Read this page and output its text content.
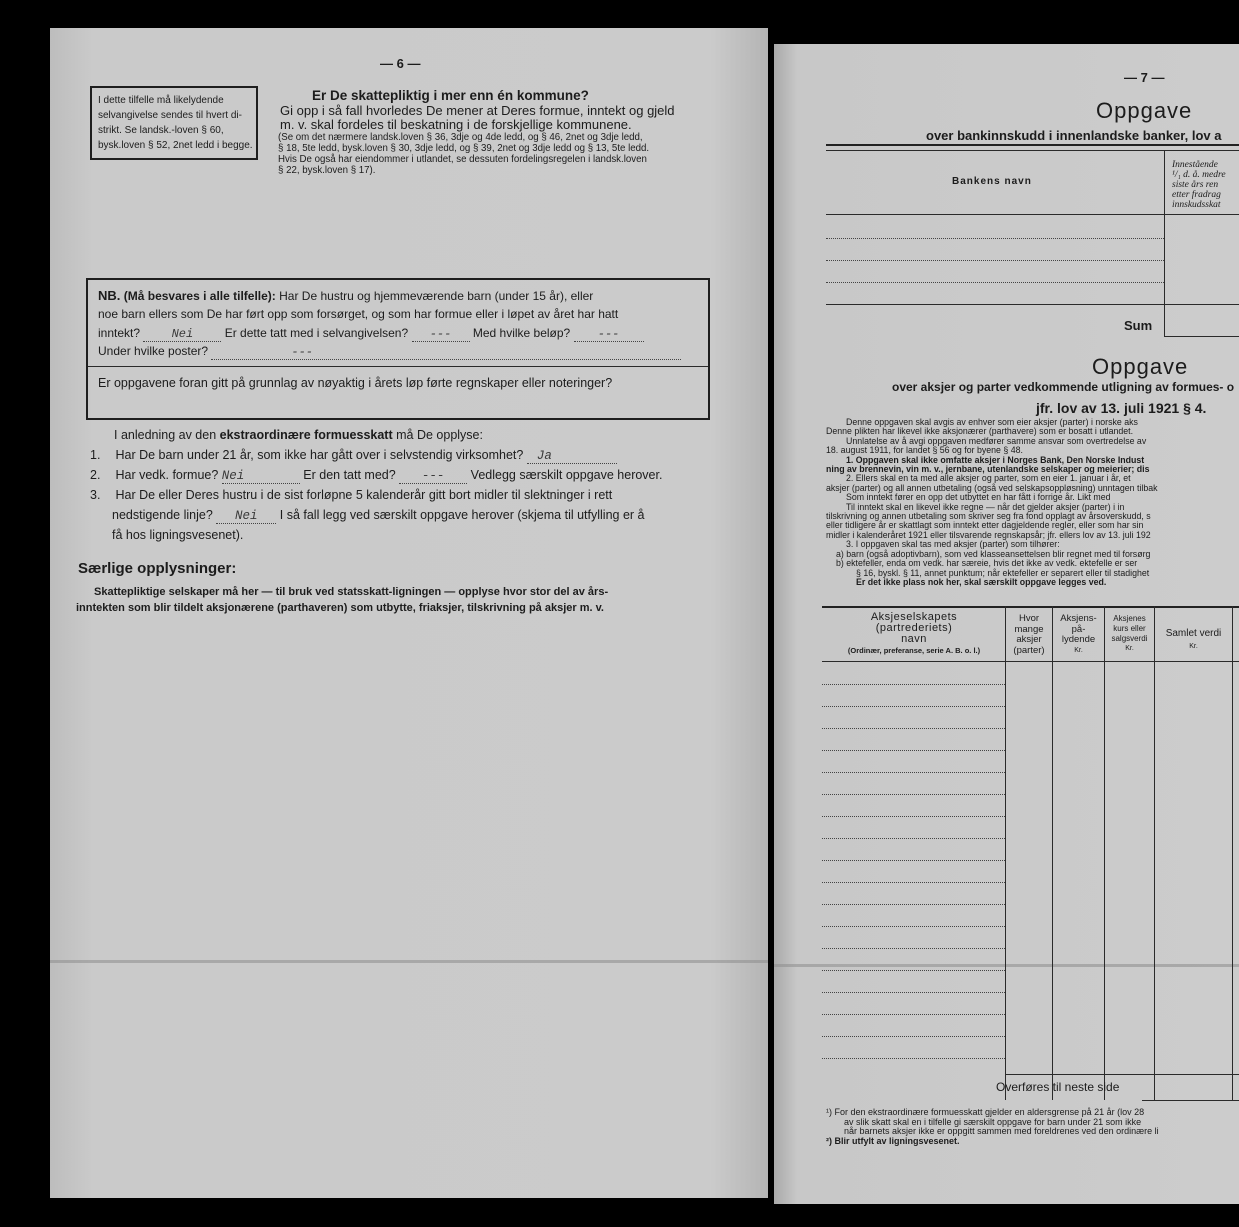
— 6 —
I dette tilfelle må likelydende
selvangivelse sendes til hvert di-
strikt. Se landsk.-loven § 60,
bysk.loven § 52, 2net ledd i begge.
Er De skattepliktig i mer enn én kommune?
Gi opp i så fall hvorledes De mener at Deres formue, inntekt og gjeld
m. v. skal fordeles til beskatning i de forskjellige kommunene.
(Se om det nærmere landsk.loven § 36, 3dje og 4de ledd, og § 46, 2net og 3dje ledd,
§ 18, 5te ledd, bysk.loven § 30, 3dje ledd, og § 39, 2net og 3dje ledd og § 13, 5te ledd.
Hvis De også har eiendommer i utlandet, se dessuten fordelingsregelen i landsk.loven
§ 22, bysk.loven § 17).
NB. (Må besvares i alle tilfelle): Har De hustru og hjemmeværende barn (under 15 år), eller
noe barn ellers som De har ført opp som forsørget, og som har formue eller i løpet av året har hatt
inntekt?	Nei	Er dette tatt med i selvangivelsen? --- Med hvilke beløp? ---
Under hvilke poster?	---
Er oppgavene foran gitt på grunnlag av nøyaktig i årets løp førte regnskaper eller noteringer?
I anledning av den ekstraordinære formuesskatt må De opplyse:
1. Har De barn under 21 år, som ikke har gått over i selvstendig virksomhet? Ja
2. Har vedk. formue? Nei	Er den tatt med? --- Vedlegg særskilt oppgave herover.
3. Har De eller Deres hustru i de sist forløpne 5 kalenderår gitt bort midler til slektninger i rett
nedstigende linje? Nei I så fall legg ved særskilt oppgave herover (skjema til utfylling er å
få hos ligningsvesenet).
Særlige opplysninger:
Skattepliktige selskaper må her — til bruk ved statsskatt-ligningen — opplyse hvor stor del av års-
inntekten som blir tildelt aksjonærene (parthaveren) som utbytte, friaksjer, tilskrivning på aksjer m. v.
— 7 —
Oppgave
over bankinnskudd i innenlandske banker, lov a
Bankens navn
Innestående
¹/₁ d. å. medre
siste års ren
etter fradrag
innskudsskat
Sum
Oppgave
over aksjer og parter vedkommende utligning av formues- o
jfr. lov av 13. juli 1921 § 4.
Denne oppgaven skal avgis av enhver som eier aksjer (parter) i norske aks
Denne plikten har likevel ikke aksjonærer (parthavere) som er bosatt i utlandet.
Unnlatelse av å avgi oppgaven medfører samme ansvar som overtredelse av
18. august 1911, for landet § 56 og for byene § 48.
1. Oppgaven skal ikke omfatte aksjer i Norges Bank, Den Norske Indust
ning av brennevin, vin m. v., jernbane, utenlandske selskaper og meierier; dis
2. Ellers skal en ta med alle aksjer og parter, som en eier 1. januar i år, et
aksjer (parter) og all annen utbetaling (også ved selskapsoppløsning) unntagen tilbak
Som inntekt fører en opp det utbyttet en har fått i forrige år. Likt med
Til inntekt skal en likevel ikke regne — når det gjelder aksjer (parter) i in
tilskrivning og annen utbetaling som skriver seg fra fond opplagt av årsoverskudd, s
eller tidligere år er skattlagt som inntekt etter dagjeldende regler, eller som har sin
midler i kalenderåret 1921 eller tilsvarende regnskapsår; jfr. ellers lov av 13. juli 192
3. I oppgaven skal tas med aksjer (parter) som tilhører:
a) barn (også adoptivbarn), som ved klasseansettelsen blir regnet med til forsørg
b) ektefeller, enda om vedk. har særeie, hvis det ikke av vedk. ektefelle er ser
§ 16, byskl. § 11, annet punktum; når ektefeller er separert eller til stadighet
Er det ikke plass nok her, skal særskilt oppgave legges ved.
Aksjeselskapets
(partrederiets)
navn
(Ordinær, preferanse, serie A. B. o. l.)
Hvor
mange
aksjer
(parter)
Aksjens-
på-
lydende
Kr.
Aksjenes
kurs eller
salgsverdi
Kr.
Samlet verdi
Kr.
Overføres til neste side
¹) For den ekstraordinære formuesskatt gjelder en aldersgrense på 21 år (lov 28
av slik skatt skal en i tilfelle gi særskilt oppgave for barn under 21 som ikke
når barnets aksjer ikke er oppgitt sammen med foreldrenes ved den ordinære li
²) Blir utfylt av ligningsvesenet.
